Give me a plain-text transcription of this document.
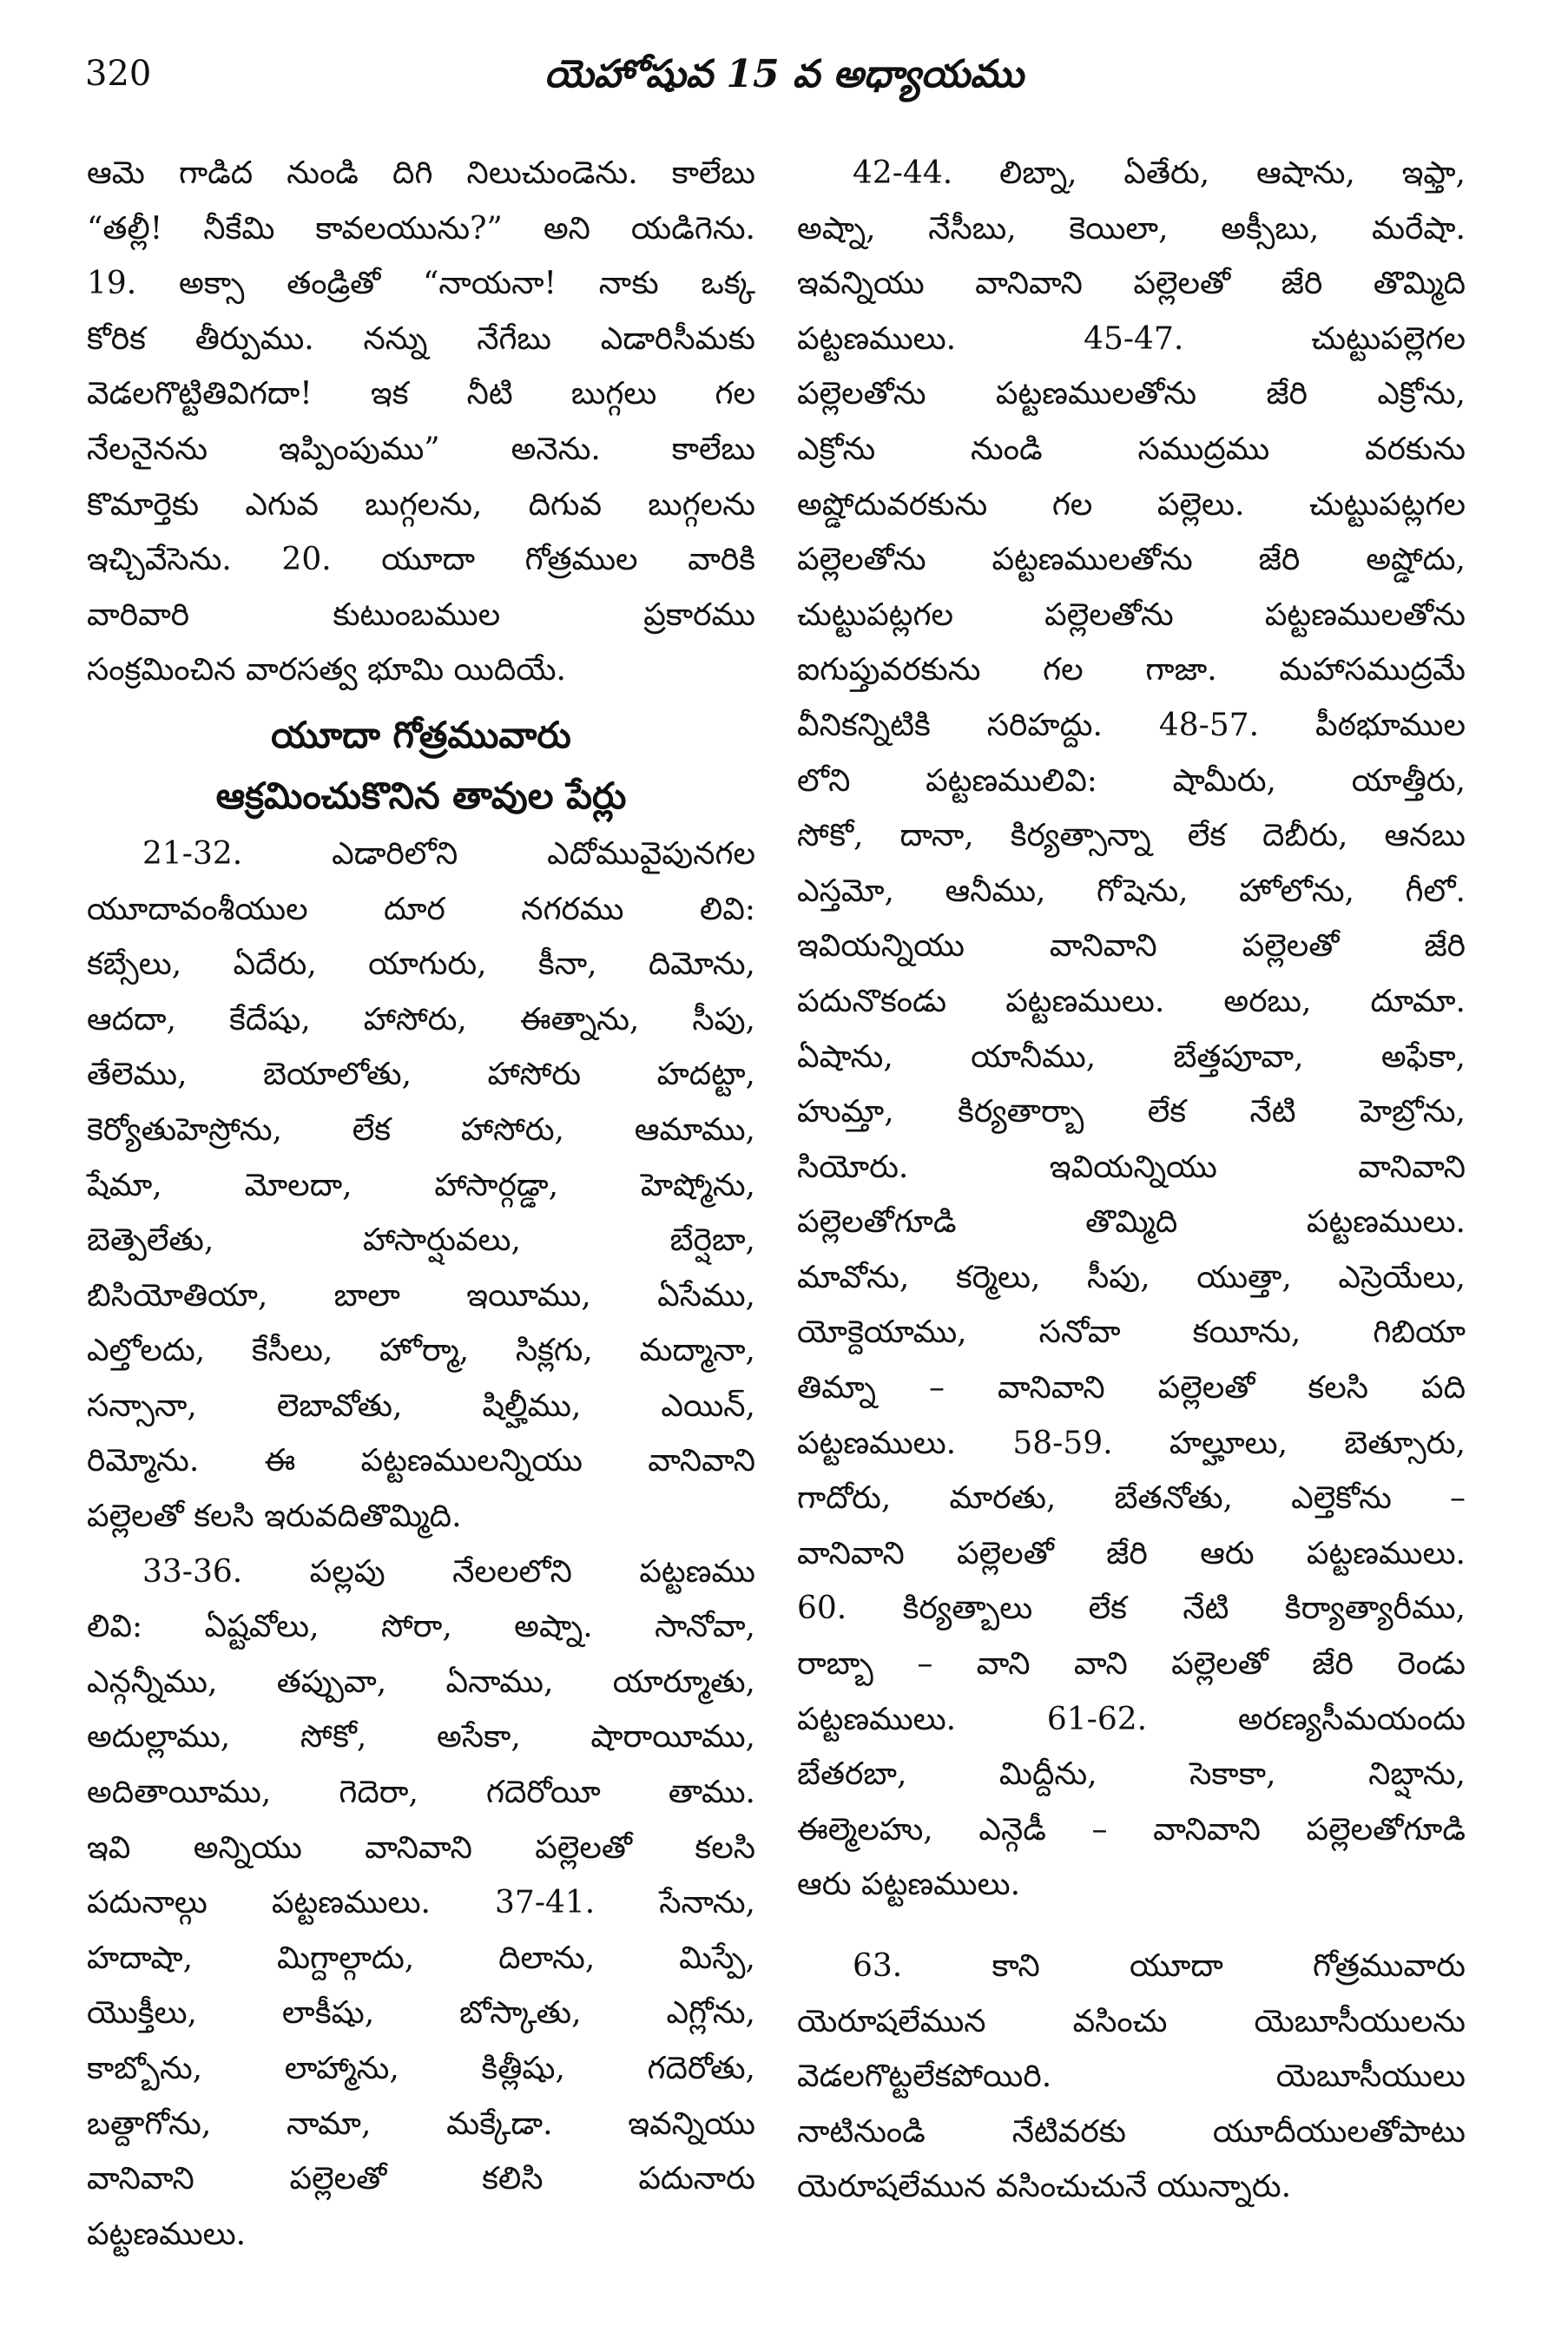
320	యెహోషువ 15 వ అధ్యాయము
ఆమె గాడిద నుండి దిగి నిలుచుండెను. కాలేబు
“తల్లీ! నీకేమి కావలయును?” అని యడిగెను.
19. అక్సా తండ్రితో “నాయనా! నాకు ఒక్క
కోరిక తీర్పుము. నన్ను నేగేబు ఎడారిసీమకు
వెడలగొట్టితివిగదా! ఇక నీటి బుగ్గలు గల
నేలనైనను ఇప్పింపుము” అనెను. కాలేబు
కొమార్తెకు ఎగువ బుగ్గలను, దిగువ బుగ్గలను
ఇచ్చివేసెను. 20. యూదా గోత్రముల వారికి
వారివారి కుటుంబముల ప్రకారము
సంక్రమించిన వారసత్వ భూమి యిదియే.
యూదా గోత్రమువారు
ఆక్రమించుకొనిన తావుల పేర్లు
21-32. ఎడారిలోని ఎదోమువైపునగల
యూదావంశీయుల దూర నగరము లివి:
కబ్సేలు, ఏదేరు, యాగురు, కీనా, దిమోను,
ఆదదా, కేదేషు, హాసోరు, ఈత్నాను, సీపు,
తేలెము, బెయాలోతు, హాసోరు హదట్టా,
కెర్యోతుహెస్రోను, లేక హాసోరు, ఆమాము,
షేమా, మోలదా, హాసార్గడ్డా, హెష్మోను,
బెత్పెలేతు, హాసార్షువలు, బేర్షెబా,
బిసియోతియా, బాలా ఇయీము, ఏసేము,
ఎల్తోలదు, కేసీలు, హోర్మా, సిక్లగు, మద్మానా,
సన్సానా, లెబావోతు, షిల్హీము, ఎయిన్,
రిమ్మోను. ఈ పట్టణములన్నియు వానివాని
పల్లెలతో కలసి ఇరువదితొమ్మిది.
33-36. పల్లపు నేలలలోని పట్టణము
లివి: ఏష్టవోలు, సోరా, అష్నా. సానోవా,
ఎన్గన్నీము, తప్పువా, ఏనాము, యార్మూతు,
అదుల్లాము, సోకో, అసేకా, షారాయీము,
అదితాయీము, గెదెరా, గదెరోయీ తాము.
ఇవి అన్నియు వానివాని పల్లెలతో కలసి
పదునాల్గు పట్టణములు. 37-41. సేనాను,
హదాషా, మిగ్దాల్గాదు, దిలాను, మిస్పే,
యొక్తీలు, లాకీషు, బోస్కాతు, ఎగ్లోను,
కాబ్బోను, లాహ్మాను, కిత్లీషు, గదెరోతు,
బత్దాగోను, నామా, మక్కేడా. ఇవన్నియు
వానివాని పల్లెలతో కలిసి పదునారు
పట్టణములు.
42-44. లిబ్నా, ఏతేరు, ఆషాను, ఇఫ్తా,
అష్నా, నేసీబు, కెయిలా, అక్సీబు, మరేషా.
ఇవన్నియు వానివాని పల్లెలతో జేరి తొమ్మిది
పట్టణములు. 45-47. చుట్టుపల్లెగల
పల్లెలతోను పట్టణములతోను జేరి ఎక్రోను,
ఎక్రోను నుండి సముద్రము వరకును
అష్డోదువరకును గల పల్లెలు. చుట్టుపట్లగల
పల్లెలతోను పట్టణములతోను జేరి అష్డోదు,
చుట్టుపట్లగల పల్లెలతోను పట్టణములతోను
ఐగుప్తువరకును గల గాజా. మహాసముద్రమే
వీనికన్నిటికి సరిహద్దు. 48-57. పీఠభూముల
లోని పట్టణములివి: షామీరు, యాత్తీరు,
సోకో, దానా, కిర్యత్సాన్నా లేక దెబీరు, ఆనబు
ఎస్తమో, ఆనీము, గోషెను, హోలోను, గీలో.
ఇవియన్నియు వానివాని పల్లెలతో జేరి
పదునొకండు పట్టణములు. అరబు, దూమా.
ఏషాను, యానీము, బేత్తపూవా, అఫేకా,
హుమ్తా, కిర్యతార్బా లేక నేటి హెబ్రోను,
సియోరు. ఇవియన్నియు వానివాని
పల్లెలతోగూడి తొమ్మిది పట్టణములు.
మావోను, కర్మెలు, సీపు, యుత్తా, ఎస్రెయేలు,
యోక్దెయాము, సనోవా కయీను, గిబియా
తిమ్నా – వానివాని పల్లెలతో కలసి పది
పట్టణములు. 58-59. హల్హూలు, బెత్సూరు,
గాదోరు, మారతు, బేతనోతు, ఎల్తెకోను –
వానివాని పల్లెలతో జేరి ఆరు పట్టణములు.
60. కిర్యత్బాలు లేక నేటి కిర్యాత్యారీము,
రాబ్బా – వాని వాని పల్లెలతో జేరి రెండు
పట్టణములు. 61-62. అరణ్యసీమయందు
బేతరబా, మిద్దీను, సెకాకా, నిబ్షాను,
ఈల్మెలహు, ఎన్గెడీ – వానివాని పల్లెలతోగూడి
ఆరు పట్టణములు.
63. కాని యూదా గోత్రమువారు
యెరూషలేమున వసించు యెబూసీయులను
వెడలగొట్టలేకపోయిరి. యెబూసీయులు
నాటినుండి నేటివరకు యూదీయులతోపాటు
యెరూషలేమున వసించుచునే యున్నారు.
